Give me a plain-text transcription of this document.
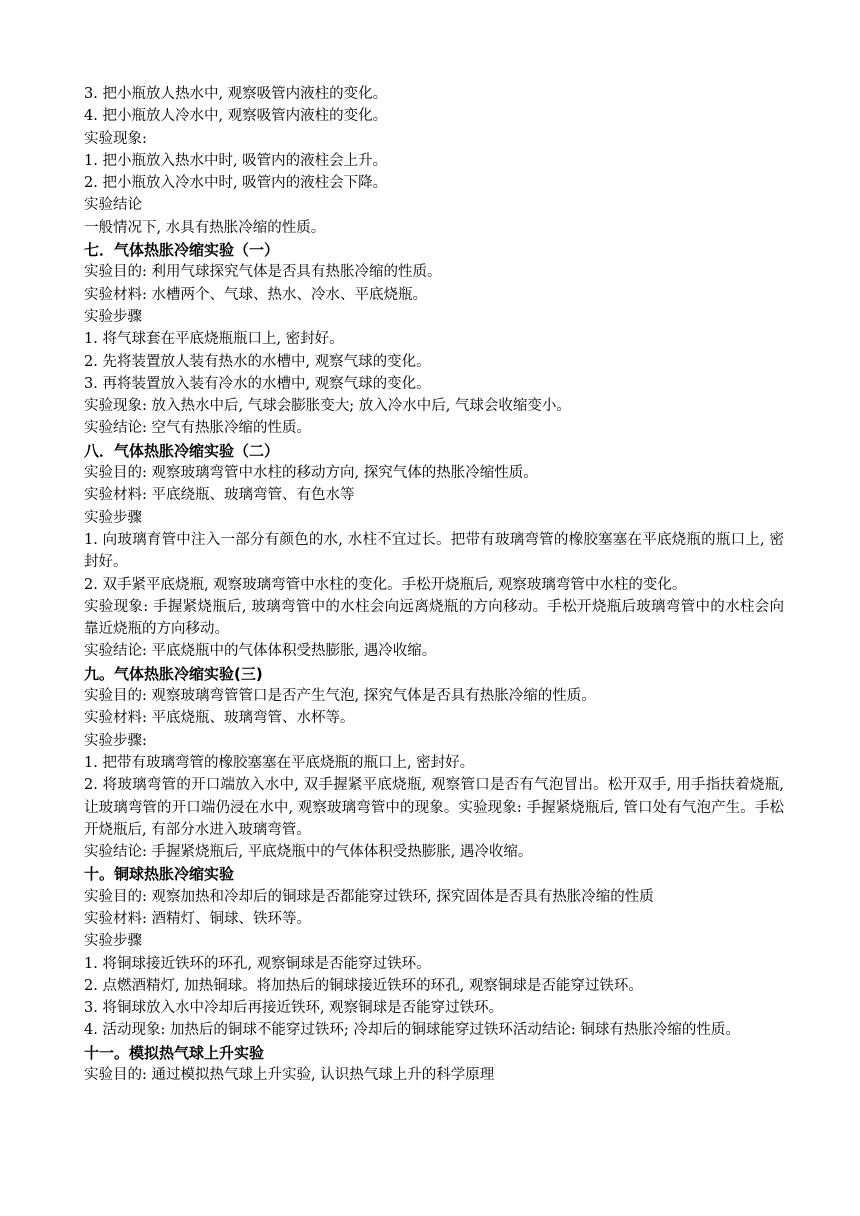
3. 把小瓶放人热水中, 观察吸管内液柱的变化。
4. 把小瓶放人冷水中, 观察吸管内液柱的变化。
实验现象:
1. 把小瓶放入热水中时, 吸管内的液柱会上升。
2. 把小瓶放入冷水中时, 吸管内的液柱会下降。
实验结论
一般情况下, 水具有热胀冷缩的性质。
七．气体热胀冷缩实验（一）
实验目的: 利用气球探究气体是否具有热胀冷缩的性质。
实验材料: 水槽两个、气球、热水、冷水、平底烧瓶。
实验步骤
1. 将气球套在平底烧瓶瓶口上, 密封好。
2. 先将装置放人装有热水的水槽中, 观察气球的变化。
3. 再将装置放入装有冷水的水槽中, 观察气球的变化。
实验现象: 放入热水中后, 气球会膨胀变大; 放入冷水中后, 气球会收缩变小。
实验结论: 空气有热胀冷缩的性质。
八．气体热胀冷缩实验（二）
实验目的: 观察玻璃弯管中水柱的移动方向, 探究气体的热胀冷缩性质。
实验材料: 平底绕瓶、玻璃弯管、有色水等
实验步骤
1. 向玻璃育管中注入一部分有颜色的水, 水柱不宜过长。把带有玻璃弯管的橡胶塞塞在平底烧瓶的瓶口上, 密封好。
2. 双手紧平底烧瓶, 观察玻璃弯管中水柱的变化。手松开烧瓶后, 观察玻璃弯管中水柱的变化。
实验现象: 手握紧烧瓶后, 玻璃弯管中的水柱会向远离烧瓶的方向移动。手松开烧瓶后玻璃弯管中的水柱会向靠近烧瓶的方向移动。
实验结论: 平底烧瓶中的气体体积受热膨胀, 遇冷收缩。
九。气体热胀冷缩实验(三)
实验目的: 观察玻璃弯管管口是否产生气泡, 探究气体是否具有热胀冷缩的性质。
实验材料: 平底烧瓶、玻璃弯管、水杯等。
实验步骤:
1. 把带有玻璃弯管的橡胶塞塞在平底烧瓶的瓶口上, 密封好。
2. 将玻璃弯管的开口端放入水中, 双手握紧平底烧瓶, 观察管口是否有气泡冒出。松开双手, 用手指扶着烧瓶, 让玻璃弯管的开口端仍浸在水中, 观察玻璃弯管中的现象。实验现象: 手握紧烧瓶后, 管口处有气泡产生。手松开烧瓶后, 有部分水进入玻璃弯管。
实验结论: 手握紧烧瓶后, 平底烧瓶中的气体体积受热膨胀, 遇冷收缩。
十。铜球热胀冷缩实验
实验目的: 观察加热和冷却后的铜球是否都能穿过铁环, 探究固体是否具有热胀冷缩的性质
实验材料: 酒精灯、铜球、铁环等。
实验步骤
1. 将铜球接近铁环的环孔, 观察铜球是否能穿过铁环。
2. 点燃酒精灯, 加热铜球。将加热后的铜球接近铁环的环孔, 观察铜球是否能穿过铁环。
3. 将铜球放入水中冷却后再接近铁环, 观察铜球是否能穿过铁环。
4. 活动现象: 加热后的铜球不能穿过铁环; 冷却后的铜球能穿过铁环活动结论: 铜球有热胀冷缩的性质。
十一。模拟热气球上升实验
实验目的: 通过模拟热气球上升实验, 认识热气球上升的科学原理
